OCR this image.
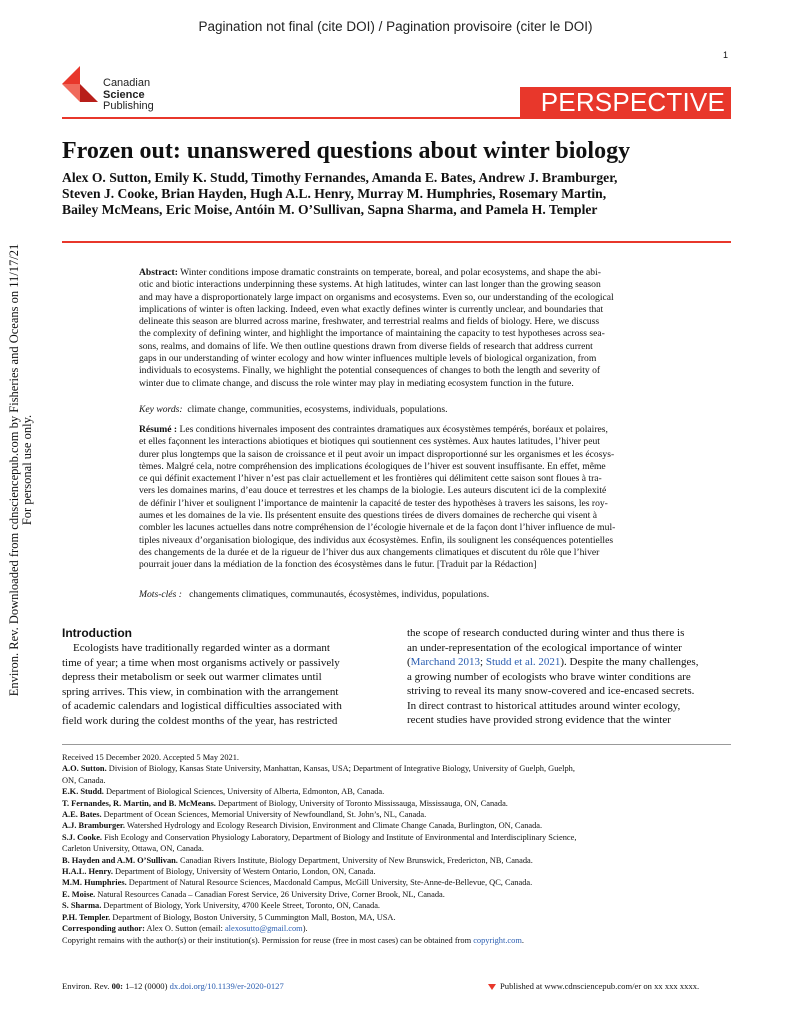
Pagination not final (cite DOI) / Pagination provisoire (citer le DOI)
1
Canadian
Science
Publishing	PERSPECTIVE
Frozen out: unanswered questions about winter biology
Alex O. Sutton, Emily K. Studd, Timothy Fernandes, Amanda E. Bates, Andrew J. Bramburger,
Steven J. Cooke, Brian Hayden, Hugh A.L. Henry, Murray M. Humphries, Rosemary Martin,
Bailey McMeans, Eric Moise, Antóin M. O’Sullivan, Sapna Sharma, and Pamela H. Templer
Environ. Rev. Downloaded from cdnsciencepub.com by Fisheries and Oceans on 11/17/21 For personal use only.
Abstract: Winter conditions impose dramatic constraints on temperate, boreal, and polar ecosystems, and shape the abi-
otic and biotic interactions underpinning these systems. At high latitudes, winter can last longer than the growing season
and may have a disproportionately large impact on organisms and ecosystems. Even so, our understanding of the ecological
implications of winter is often lacking. Indeed, even what exactly defines winter is currently unclear, and boundaries that
delineate this season are blurred across marine, freshwater, and terrestrial realms and fields of biology. Here, we discuss
the complexity of defining winter, and highlight the importance of maintaining the capacity to test hypotheses across sea-
sons, realms, and domains of life. We then outline questions drawn from diverse fields of research that address current
gaps in our understanding of winter ecology and how winter influences multiple levels of biological organization, from
individuals to ecosystems. Finally, we highlight the potential consequences of changes to both the length and severity of
winter due to climate change, and discuss the role winter may play in mediating ecosystem function in the future.
Key words:  climate change, communities, ecosystems, individuals, populations.
Résumé : Les conditions hivernales imposent des contraintes dramatiques aux écosystèmes tempérés, boréaux et polaires,
et elles façonnent les interactions abiotiques et biotiques qui soutiennent ces systèmes. Aux hautes latitudes, l’hiver peut
durer plus longtemps que la saison de croissance et il peut avoir un impact disproportionné sur les organismes et les écosys-
tèmes. Malgré cela, notre compréhension des implications écologiques de l’hiver est souvent insuffisante. En effet, même
ce qui définit exactement l’hiver n’est pas clair actuellement et les frontières qui délimitent cette saison sont floues à tra-
vers les domaines marins, d’eau douce et terrestres et les champs de la biologie. Les auteurs discutent ici de la complexité
de définir l’hiver et soulignent l’importance de maintenir la capacité de tester des hypothèses à travers les saisons, les roy-
aumes et les domaines de la vie. Ils présentent ensuite des questions tirées de divers domaines de recherche qui visent à
combler les lacunes actuelles dans notre compréhension de l’écologie hivernale et de la façon dont l’hiver influence de mul-
tiples niveaux d’organisation biologique, des individus aux écosystèmes. Enfin, ils soulignent les conséquences potentielles
des changements de la durée et de la rigueur de l’hiver dus aux changements climatiques et discutent du rôle que l’hiver
pourrait jouer dans la médiation de la fonction des écosystèmes dans le futur. [Traduit par la Rédaction]
Mots-clés :   changements climatiques, communautés, écosystèmes, individus, populations.
Introduction
Ecologists have traditionally regarded winter as a dormant
time of year; a time when most organisms actively or passively
depress their metabolism or seek out warmer climates until
spring arrives. This view, in combination with the arrangement
of academic calendars and logistical difficulties associated with
field work during the coldest months of the year, has restricted
the scope of research conducted during winter and thus there is
an under-representation of the ecological importance of winter
(Marchand 2013; Studd et al. 2021). Despite the many challenges,
a growing number of ecologists who brave winter conditions are
striving to reveal its many snow-covered and ice-encased secrets.
In direct contrast to historical attitudes around winter ecology,
recent studies have provided strong evidence that the winter
Received 15 December 2020. Accepted 5 May 2021.
A.O. Sutton. Division of Biology, Kansas State University, Manhattan, Kansas, USA; Department of Integrative Biology, University of Guelph, Guelph,
ON, Canada.
E.K. Studd. Department of Biological Sciences, University of Alberta, Edmonton, AB, Canada.
T. Fernandes, R. Martin, and B. McMeans. Department of Biology, University of Toronto Mississauga, Mississauga, ON, Canada.
A.E. Bates. Department of Ocean Sciences, Memorial University of Newfoundland, St. John’s, NL, Canada.
A.J. Bramburger. Watershed Hydrology and Ecology Research Division, Environment and Climate Change Canada, Burlington, ON, Canada.
S.J. Cooke. Fish Ecology and Conservation Physiology Laboratory, Department of Biology and Institute of Environmental and Interdisciplinary Science,
Carleton University, Ottawa, ON, Canada.
B. Hayden and A.M. O’Sullivan. Canadian Rivers Institute, Biology Department, University of New Brunswick, Fredericton, NB, Canada.
H.A.L. Henry. Department of Biology, University of Western Ontario, London, ON, Canada.
M.M. Humphries. Department of Natural Resource Sciences, Macdonald Campus, McGill University, Ste-Anne-de-Bellevue, QC, Canada.
E. Moise. Natural Resources Canada – Canadian Forest Service, 26 University Drive, Corner Brook, NL, Canada.
S. Sharma. Department of Biology, York University, 4700 Keele Street, Toronto, ON, Canada.
P.H. Templer. Department of Biology, Boston University, 5 Cummington Mall, Boston, MA, USA.
Corresponding author: Alex O. Sutton (email: alexosutto@gmail.com).
Copyright remains with the author(s) or their institution(s). Permission for reuse (free in most cases) can be obtained from copyright.com.
Environ. Rev. 00: 1–12 (0000) dx.doi.org/10.1139/er-2020-0127	Published at www.cdnsciencepub.com/er on xx xxx xxxx.
